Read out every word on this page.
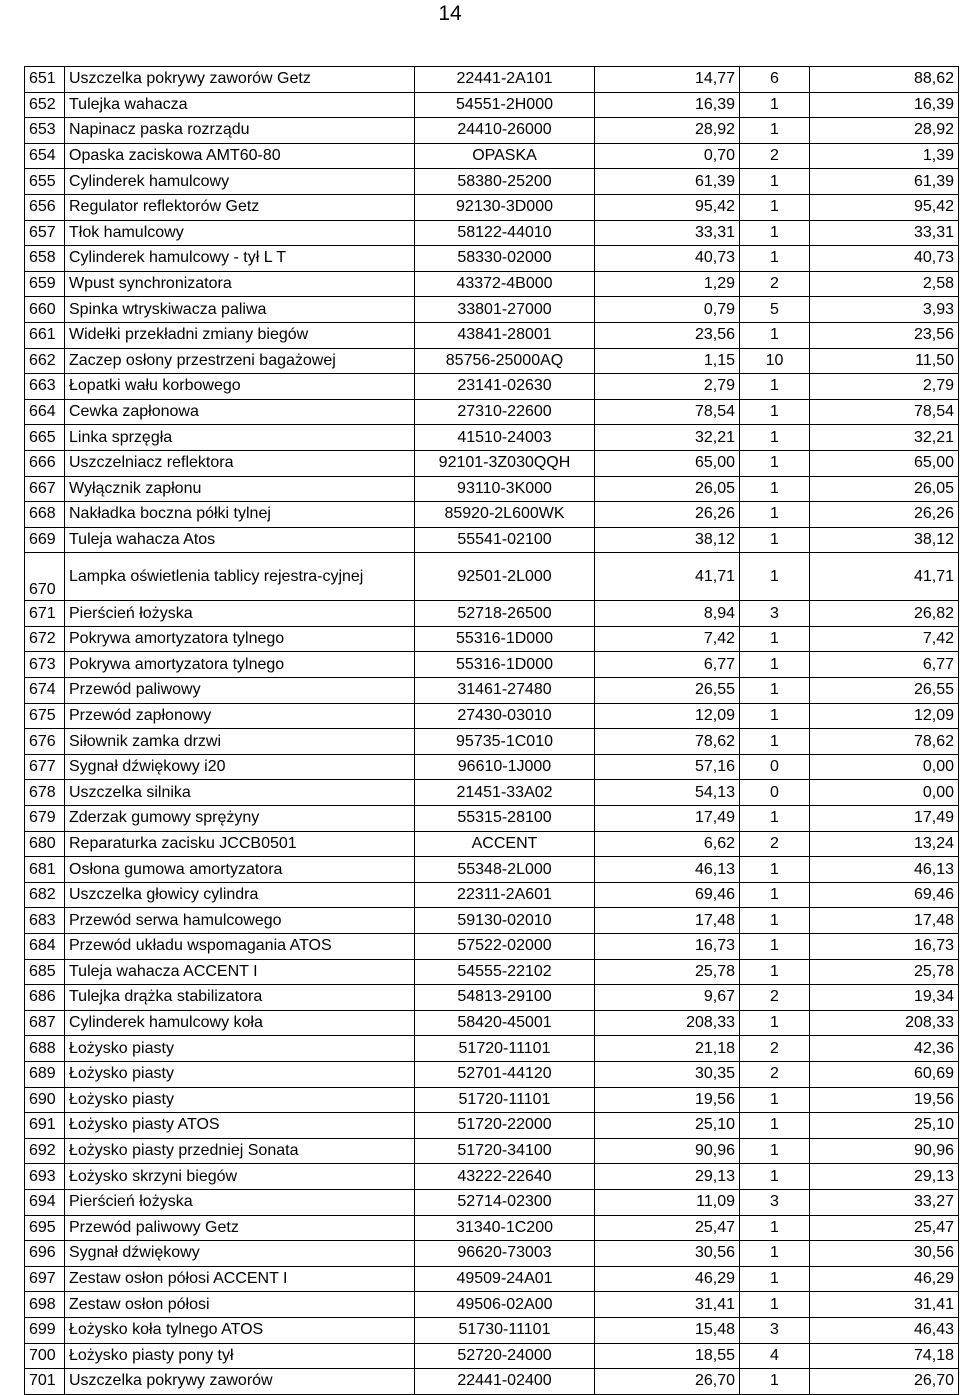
14
651	Uszczelka pokrywy zaworów Getz	22441-2A101	14,77	6	88,62
652	Tulejka wahacza	54551-2H000	16,39	1	16,39
653	Napinacz paska rozrządu	24410-26000	28,92	1	28,92
654	Opaska zaciskowa AMT60-80	OPASKA	0,70	2	1,39
655	Cylinderek hamulcowy	58380-25200	61,39	1	61,39
656	Regulator reflektorów Getz	92130-3D000	95,42	1	95,42
657	Tłok hamulcowy	58122-44010	33,31	1	33,31
658	Cylinderek hamulcowy - tył L T	58330-02000	40,73	1	40,73
659	Wpust synchronizatora	43372-4B000	1,29	2	2,58
660	Spinka wtryskiwacza paliwa	33801-27000	0,79	5	3,93
661	Widełki przekładni zmiany biegów	43841-28001	23,56	1	23,56
662	Zaczep osłony przestrzeni bagażowej	85756-25000AQ	1,15	10	11,50
663	Łopatki wału korbowego	23141-02630	2,79	1	2,79
664	Cewka zapłonowa	27310-22600	78,54	1	78,54
665	Linka sprzęgła	41510-24003	32,21	1	32,21
666	Uszczelniacz reflektora	92101-3Z030QQH	65,00	1	65,00
667	Wyłącznik zapłonu	93110-3K000	26,05	1	26,05
668	Nakładka boczna półki tylnej	85920-2L600WK	26,26	1	26,26
669	Tuleja wahacza Atos	55541-02100	38,12	1	38,12
670	Lampka oświetlenia tablicy rejestra-cyjnej	92501-2L000	41,71	1	41,71
671	Pierścień łożyska	52718-26500	8,94	3	26,82
672	Pokrywa amortyzatora tylnego	55316-1D000	7,42	1	7,42
673	Pokrywa amortyzatora tylnego	55316-1D000	6,77	1	6,77
674	Przewód paliwowy	31461-27480	26,55	1	26,55
675	Przewód zapłonowy	27430-03010	12,09	1	12,09
676	Siłownik zamka drzwi	95735-1C010	78,62	1	78,62
677	Sygnał dźwiękowy i20	96610-1J000	57,16	0	0,00
678	Uszczelka silnika	21451-33A02	54,13	0	0,00
679	Zderzak gumowy sprężyny	55315-28100	17,49	1	17,49
680	Reparaturka zacisku JCCB0501	ACCENT	6,62	2	13,24
681	Osłona gumowa amortyzatora	55348-2L000	46,13	1	46,13
682	Uszczelka głowicy cylindra	22311-2A601	69,46	1	69,46
683	Przewód serwa hamulcowego	59130-02010	17,48	1	17,48
684	Przewód układu wspomagania ATOS	57522-02000	16,73	1	16,73
685	Tuleja wahacza ACCENT I	54555-22102	25,78	1	25,78
686	Tulejka drążka stabilizatora	54813-29100	9,67	2	19,34
687	Cylinderek hamulcowy koła	58420-45001	208,33	1	208,33
688	Łożysko piasty	51720-11101	21,18	2	42,36
689	Łożysko piasty	52701-44120	30,35	2	60,69
690	Łożysko piasty	51720-11101	19,56	1	19,56
691	Łożysko piasty ATOS	51720-22000	25,10	1	25,10
692	Łożysko piasty przedniej Sonata	51720-34100	90,96	1	90,96
693	Łożysko skrzyni biegów	43222-22640	29,13	1	29,13
694	Pierścień łożyska	52714-02300	11,09	3	33,27
695	Przewód paliwowy Getz	31340-1C200	25,47	1	25,47
696	Sygnał dźwiękowy	96620-73003	30,56	1	30,56
697	Zestaw osłon półosi ACCENT I	49509-24A01	46,29	1	46,29
698	Zestaw osłon półosi	49506-02A00	31,41	1	31,41
699	Łożysko koła tylnego ATOS	51730-11101	15,48	3	46,43
700	Łożysko piasty pony tył	52720-24000	18,55	4	74,18
701	Uszczelka pokrywy zaworów	22441-02400	26,70	1	26,70
